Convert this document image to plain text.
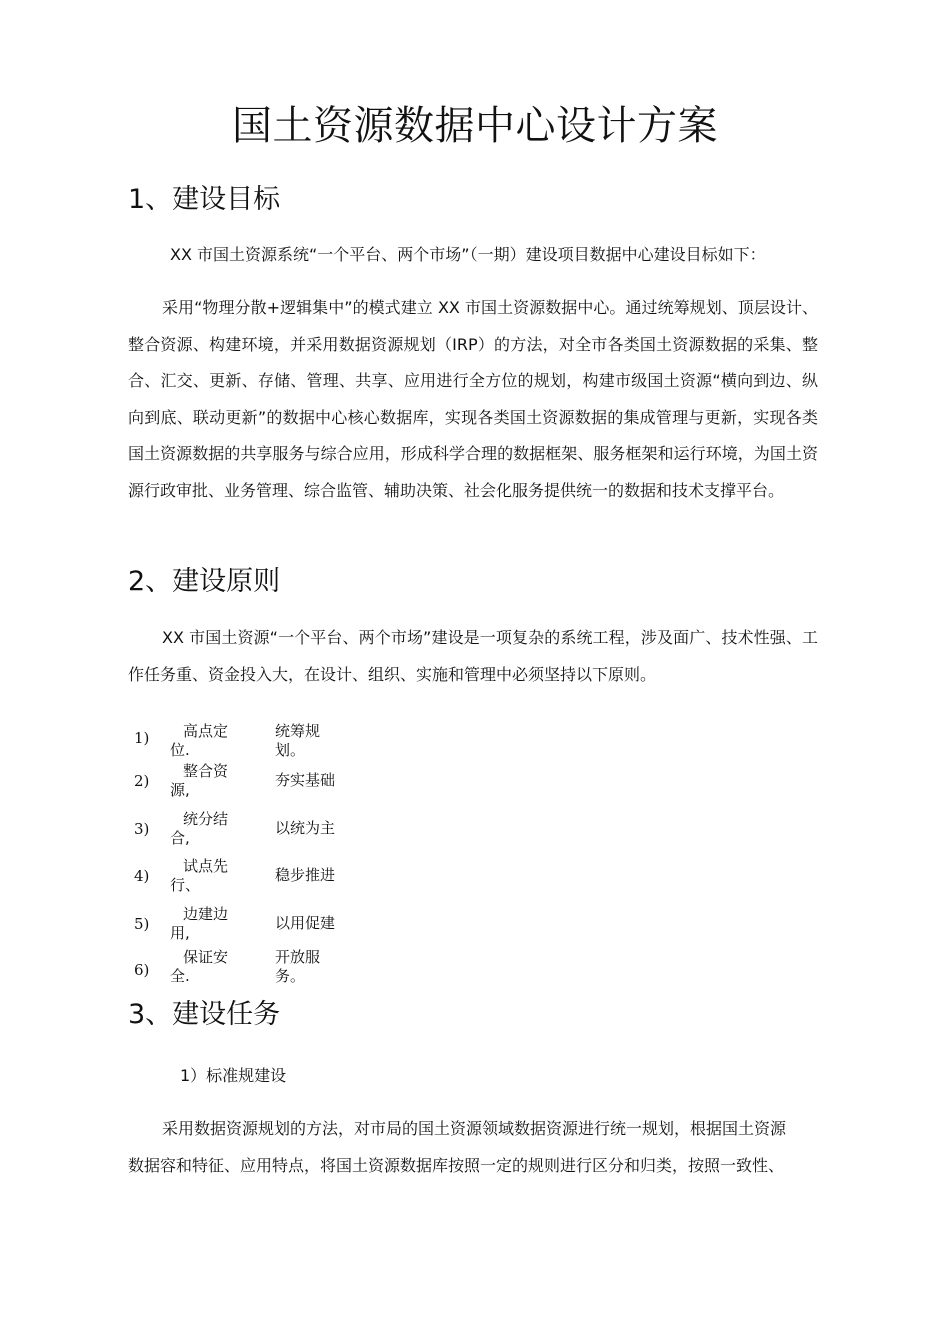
国土资源数据中心设计方案
1、建设目标
XX 市国土资源系统“一个平台、两个市场”（一期）建设项目数据中心建设目标如下：
采用“物理分散+逻辑集中”的模式建立 XX 市国土资源数据中心。通过统筹规划、顶层设计、整合资源、构建环境，并采用数据资源规划（IRP）的方法，对全市各类国土资源数据的采集、整合、汇交、更新、存储、管理、共享、应用进行全方位的规划，构建市级国土资源“横向到边、纵向到底、联动更新”的数据中心核心数据库，实现各类国土资源数据的集成管理与更新，实现各类国土资源数据的共享服务与综合应用，形成科学合理的数据框架、服务框架和运行环境，为国土资源行政审批、业务管理、综合监管、辅助决策、社会化服务提供统一的数据和技术支撑平台。
2、建设原则
XX 市国土资源“一个平台、两个市场”建设是一项复杂的系统工程，涉及面广、技术性强、工作任务重、资金投入大，在设计、组织、实施和管理中必须坚持以下原则。
1)	高点定
位.
统筹规
划。
2)
整合资
源,
夯实基础
3)
统分结
合,
以统为主
4)
试点先
行、
稳步推进
5)
边建边
用,
以用促建
6)
保证安
全.
开放服
务。
3、建设任务
1）标准规建设
采用数据资源规划的方法，对市局的国土资源领域数据资源进行统一规划，根据国土资源
数据容和特征、应用特点，将国土资源数据库按照一定的规则进行区分和归类，按照一致性、
